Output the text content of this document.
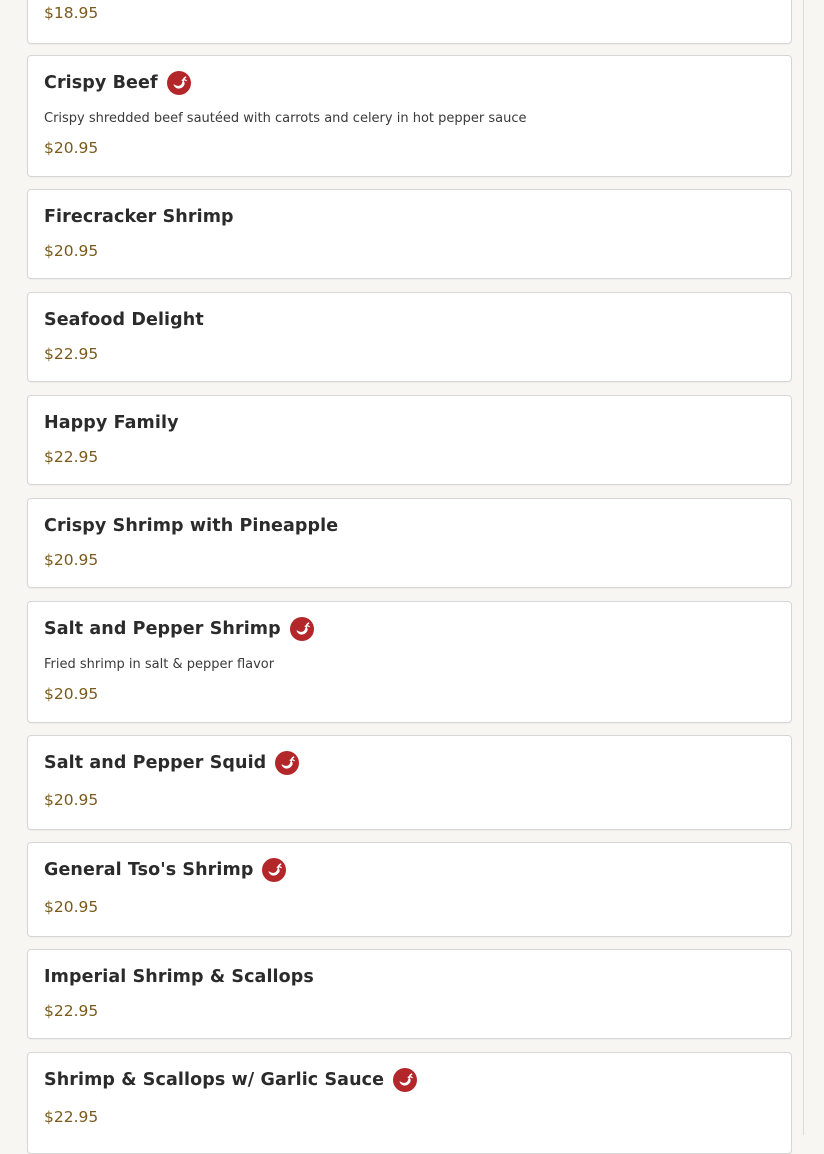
$18.95
Crispy Beef
Crispy shredded beef sautéed with carrots and celery in hot pepper sauce
$20.95
Firecracker Shrimp
$20.95
Seafood Delight
$22.95
Happy Family
$22.95
Crispy Shrimp with Pineapple
$20.95
Salt and Pepper Shrimp
Fried shrimp in salt & pepper flavor
$20.95
Salt and Pepper Squid
$20.95
General Tso's Shrimp
$20.95
Imperial Shrimp & Scallops
$22.95
Shrimp & Scallops w/ Garlic Sauce
$22.95
